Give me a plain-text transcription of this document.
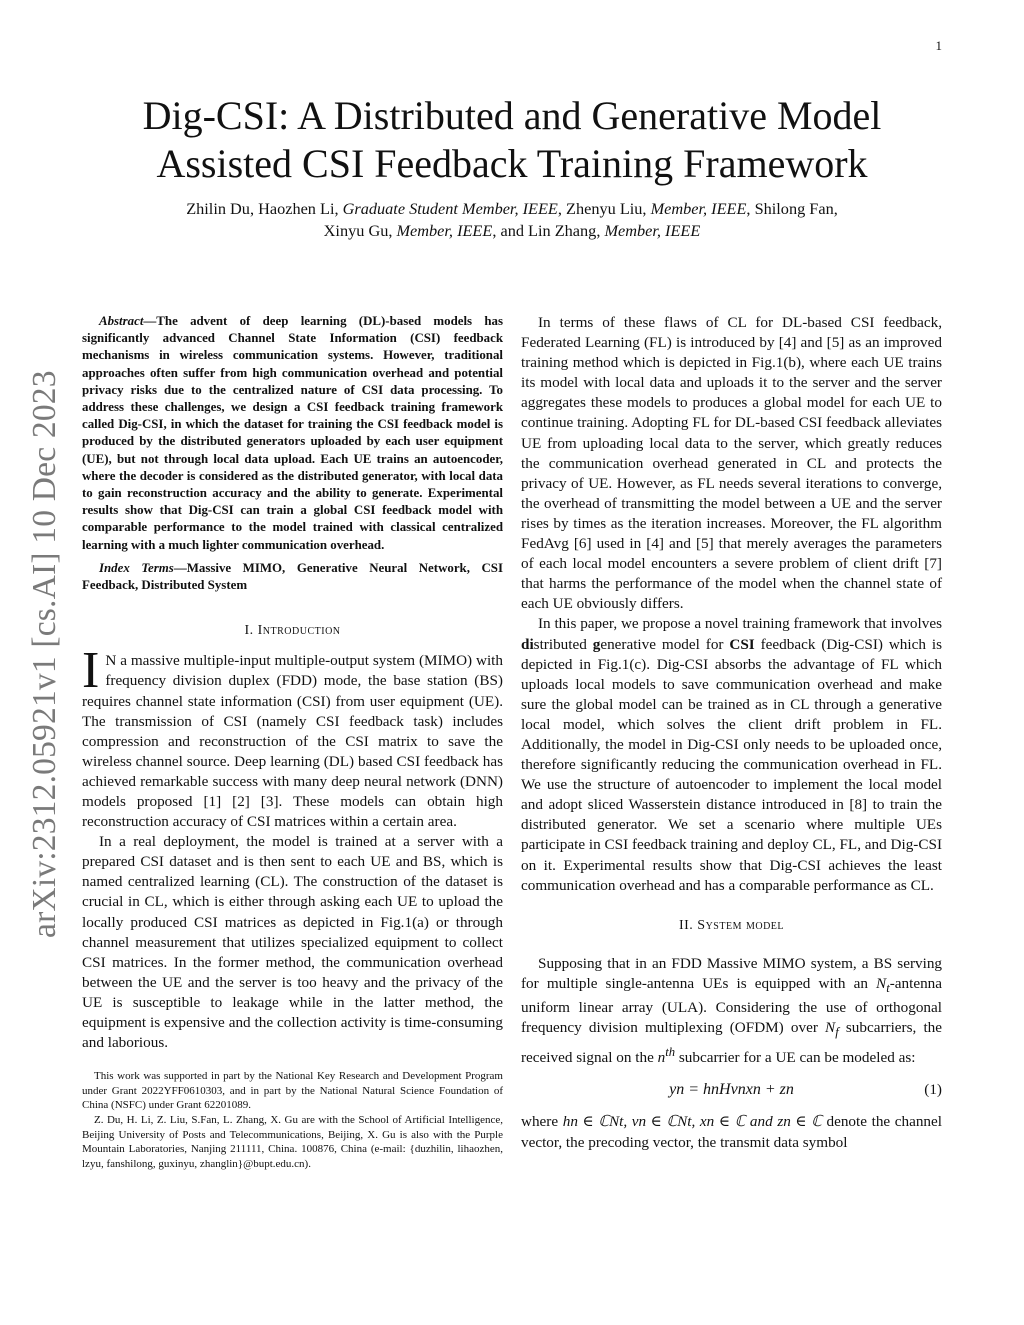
1
arXiv:2312.05921v1 [cs.AI] 10 Dec 2023
Dig-CSI: A Distributed and Generative Model
Assisted CSI Feedback Training Framework
Zhilin Du, Haozhen Li, Graduate Student Member, IEEE, Zhenyu Liu, Member, IEEE, Shilong Fan,
Xinyu Gu, Member, IEEE, and Lin Zhang, Member, IEEE

Abstract—The advent of deep learning (DL)-based models has significantly advanced Channel State Information (CSI) feedback mechanisms in wireless communication systems. However, traditional approaches often suffer from high communication overhead and potential privacy risks due to the centralized nature of CSI data processing. To address these challenges, we design a CSI feedback training framework called Dig-CSI, in which the dataset for training the CSI feedback model is produced by the distributed generators uploaded by each user equipment (UE), but not through local data upload. Each UE trains an autoencoder, where the decoder is considered as the distributed generator, with local data to gain reconstruction accuracy and the ability to generate. Experimental results show that Dig-CSI can train a global CSI feedback model with comparable performance to the model trained with classical centralized learning with a much lighter communication overhead.

Index Terms—Massive MIMO, Generative Neural Network, CSI Feedback, Distributed System

I. Introduction

I N a massive multiple-input multiple-output system (MIMO) with frequency division duplex (FDD) mode, the base station (BS) requires channel state information (CSI) from user equipment (UE). The transmission of CSI (namely CSI feedback task) includes compression and reconstruction of the CSI matrix to save the wireless channel source. Deep learning (DL) based CSI feedback has achieved remarkable success with many deep neural network (DNN) models proposed [1] [2] [3]. These models can obtain high reconstruction accuracy of CSI matrices within a certain area.

In a real deployment, the model is trained at a server with a prepared CSI dataset and is then sent to each UE and BS, which is named centralized learning (CL). The construction of the dataset is crucial in CL, which is either through asking each UE to upload the locally produced CSI matrices as depicted in Fig.1(a) or through channel measurement that utilizes specialized equipment to collect CSI matrices. In the former method, the communication overhead between the UE and the server is too heavy and the privacy of the UE is susceptible to leakage while in the latter method, the equipment is expensive and the collection activity is time-consuming and laborious.

This work was supported in part by the National Key Research and Development Program under Grant 2022YFF0610303, and in part by the National Natural Science Foundation of China (NSFC) under Grant 62201089.

Z. Du, H. Li, Z. Liu, S.Fan, L. Zhang, X. Gu are with the School of Artificial Intelligence, Beijing University of Posts and Telecommunications, Beijing, X. Gu is also with the Purple Mountain Laboratories, Nanjing 211111, China. 100876, China (e-mail: {duzhilin, lihaozhen, lzyu, fanshilong, guxinyu, zhanglin}@bupt.edu.cn).

In terms of these flaws of CL for DL-based CSI feedback, Federated Learning (FL) is introduced by [4] and [5] as an improved training method which is depicted in Fig.1(b), where each UE trains its model with local data and uploads it to the server and the server aggregates these models to produces a global model for each UE to continue training. Adopting FL for DL-based CSI feedback alleviates UE from uploading local data to the server, which greatly reduces the communication overhead generated in CL and protects the privacy of UE. However, as FL needs several iterations to converge, the overhead of transmitting the model between a UE and the server rises by times as the iteration increases. Moreover, the FL algorithm FedAvg [6] used in [4] and [5] that merely averages the parameters of each local model encounters a severe problem of client drift [7] that harms the performance of the model when the channel state of each UE obviously differs.

In this paper, we propose a novel training framework that involves distributed generative model for CSI feedback (Dig-CSI) which is depicted in Fig.1(c). Dig-CSI absorbs the advantage of FL which uploads local models to save communication overhead and make sure the global model can be trained as in CL through a generative local model, which solves the client drift problem in FL. Additionally, the model in Dig-CSI only needs to be uploaded once, therefore significantly reducing the communication overhead in FL. We use the structure of autoencoder to implement the local model and adopt sliced Wasserstein distance introduced in [8] to train the distributed generator. We set a scenario where multiple UEs participate in CSI feedback training and deploy CL, FL, and Dig-CSI on it. Experimental results show that Dig-CSI achieves the least communication overhead and has a comparable performance as CL.

II. System model

Supposing that in an FDD Massive MIMO system, a BS serving for multiple single-antenna UEs is equipped with an $N_t$-antenna uniform linear array (ULA). Considering the use of orthogonal frequency division multiplexing (OFDM) over $N_f$ subcarriers, the received signal on the $n^{th}$ subcarrier for a UE can be modeled as:

yn = hnHvnxn + zn	(1)

where hn ∈ ℂNt, vn ∈ ℂNt, xn ∈ ℂ and zn ∈ ℂ denote the channel vector, the precoding vector, the transmit data symbol
